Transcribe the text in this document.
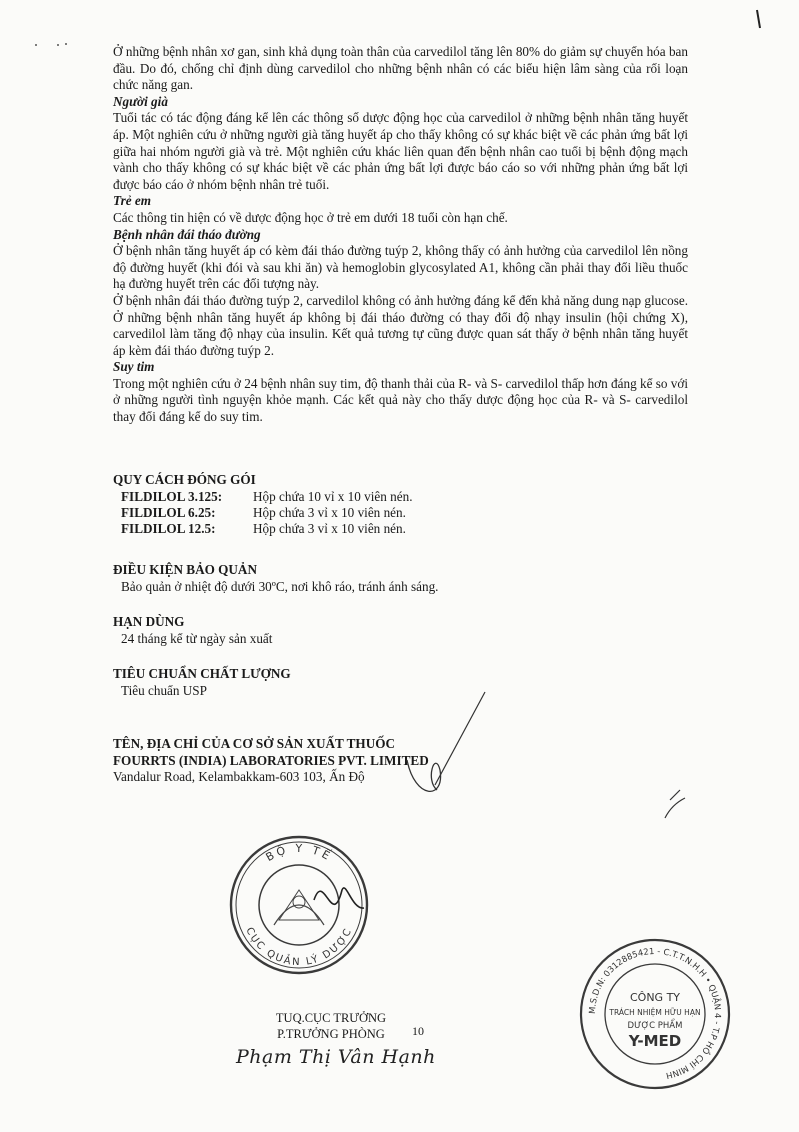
Ở những bệnh nhân xơ gan, sinh khả dụng toàn thân của carvedilol tăng lên 80% do giảm sự chuyển hóa ban đầu. Do đó, chống chỉ định dùng carvedilol cho những bệnh nhân có các biểu hiện lâm sàng của rối loạn chức năng gan.

Người già

Tuổi tác có tác động đáng kể lên các thông số dược động học của carvedilol ở những bệnh nhân tăng huyết áp. Một nghiên cứu ở những người già tăng huyết áp cho thấy không có sự khác biệt về các phản ứng bất lợi giữa hai nhóm người già và trẻ. Một nghiên cứu khác liên quan đến bệnh nhân cao tuổi bị bệnh động mạch vành cho thấy không có sự khác biệt về các phản ứng bất lợi được báo cáo so với những phản ứng bất lợi được báo cáo ở nhóm bệnh nhân trẻ tuổi.

Trẻ em

Các thông tin hiện có về dược động học ở trẻ em dưới 18 tuổi còn hạn chế.

Bệnh nhân đái tháo đường

Ở bệnh nhân tăng huyết áp có kèm đái tháo đường tuýp 2, không thấy có ảnh hưởng của carvedilol lên nồng độ đường huyết (khi đói và sau khi ăn) và hemoglobin glycosylated A1, không cần phải thay đổi liều thuốc hạ đường huyết trên các đối tượng này.

Ở bệnh nhân đái tháo đường tuýp 2, carvedilol không có ảnh hưởng đáng kể đến khả năng dung nạp glucose. Ở những bệnh nhân tăng huyết áp không bị đái tháo đường có thay đổi độ nhạy insulin (hội chứng X), carvedilol làm tăng độ nhạy của insulin. Kết quả tương tự cũng được quan sát thấy ở bệnh nhân tăng huyết áp kèm đái tháo đường tuýp 2.

Suy tim

Trong một nghiên cứu ở 24 bệnh nhân suy tim, độ thanh thải của R- và S- carvedilol thấp hơn đáng kể so với ở những người tình nguyện khỏe mạnh. Các kết quả này cho thấy dược động học của R- và S- carvedilol thay đổi đáng kể do suy tim.

QUY CÁCH ĐÓNG GÓI

FILDILOL 3.125:	Hộp chứa 10 vỉ x 10 viên nén.
FILDILOL 6.25:	Hộp chứa 3 vỉ x 10 viên nén.
FILDILOL 12.5:	Hộp chứa 3 vỉ x 10 viên nén.

ĐIỀU KIỆN BẢO QUẢN

Bảo quản ở nhiệt độ dưới 30ºC, nơi khô ráo, tránh ánh sáng.

HẠN DÙNG

24 tháng kể từ ngày sản xuất

TIÊU CHUẨN CHẤT LƯỢNG

Tiêu chuẩn USP

TÊN, ĐỊA CHỈ CỦA CƠ SỞ SẢN XUẤT THUỐC

FOURRTS (INDIA) LABORATORIES PVT. LIMITED

Vandalur Road, Kelambakkam-603 103, Ấn Độ

BỘ Y TẾ
CỤC QUẢN LÝ DƯỢC
TUQ.CỤC TRƯỞNG
P.TRƯỞNG PHÒNG	10
Phạm Thị Vân Hạnh
M.S.D.N: 0312885421 - C.T.T.N.H.H • QUẬN 4 - T.P HỒ CHÍ MINH
CÔNG TY
TRÁCH NHIỆM HỮU HẠN
DƯỢC PHẨM
Y-MED
